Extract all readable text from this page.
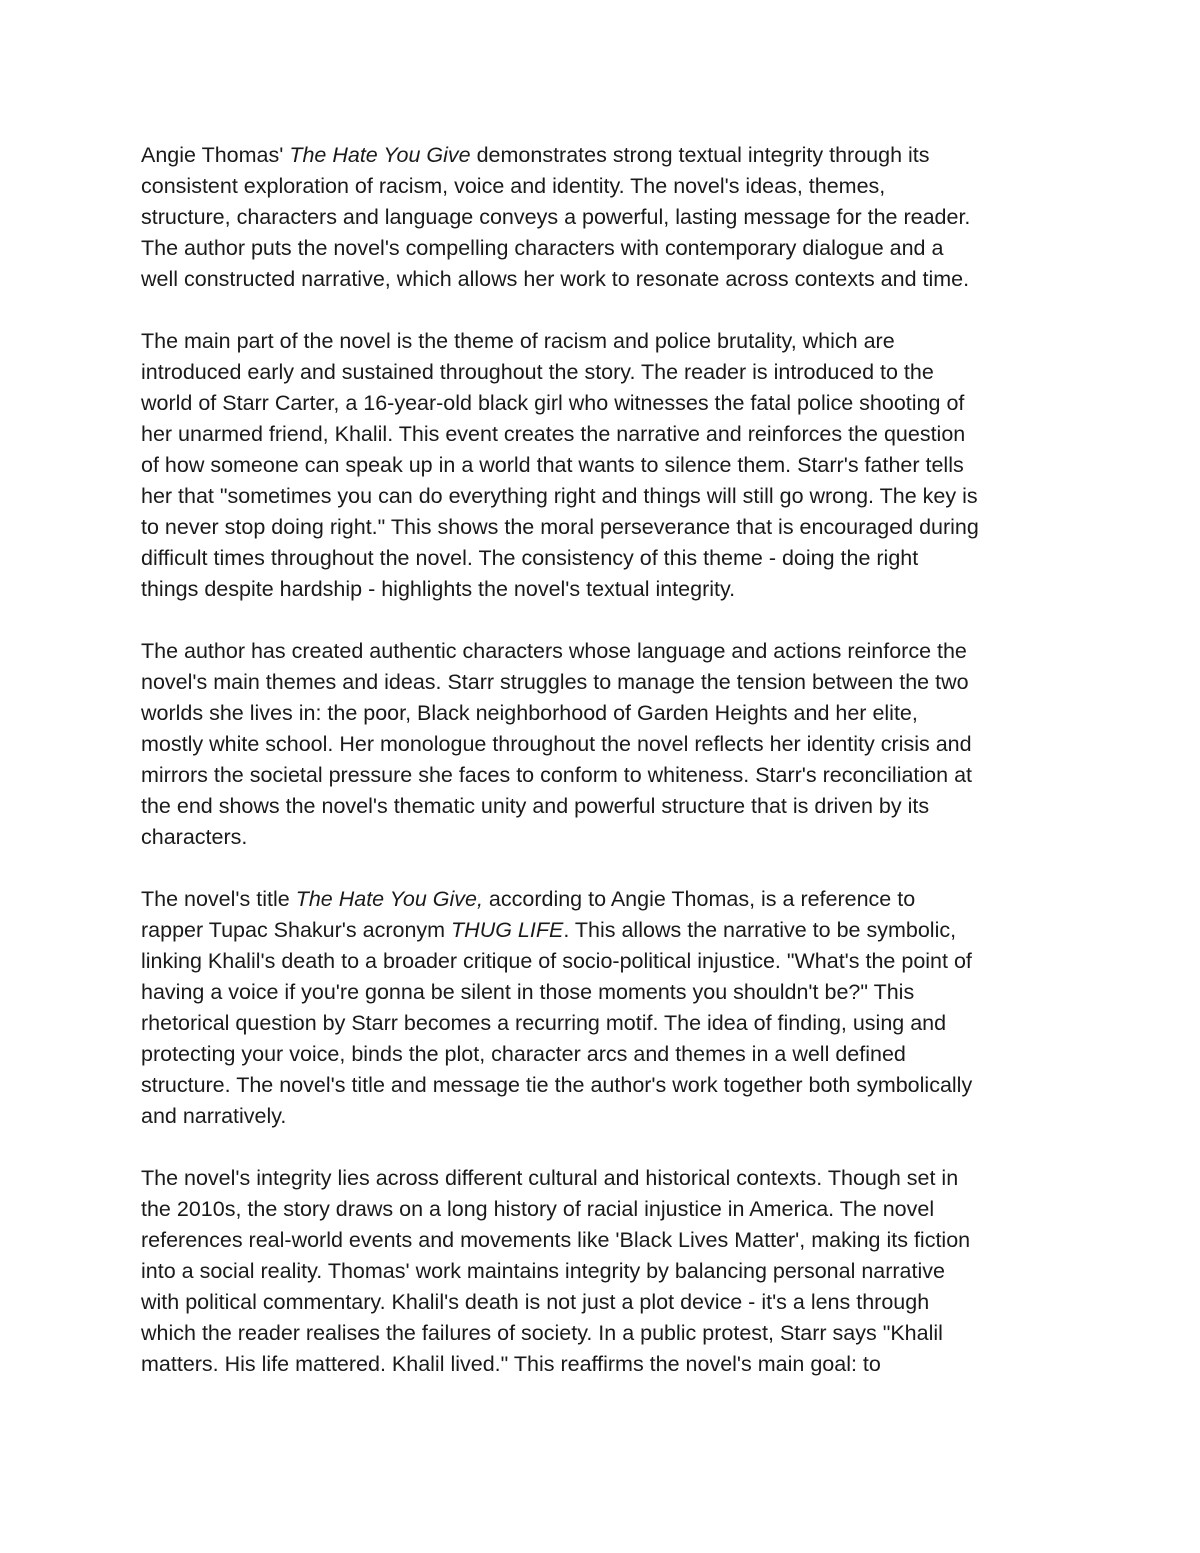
Angie Thomas' The Hate You Give demonstrates strong textual integrity through its
consistent exploration of racism, voice and identity. The novel's ideas, themes,
structure, characters and language conveys a powerful, lasting message for the reader.
The author puts the novel's compelling characters with contemporary dialogue and a
well constructed narrative, which allows her work to resonate across contexts and time.
The main part of the novel is the theme of racism and police brutality, which are
introduced early and sustained throughout the story. The reader is introduced to the
world of Starr Carter, a 16-year-old black girl who witnesses the fatal police shooting of
her unarmed friend, Khalil. This event creates the narrative and reinforces the question
of how someone can speak up in a world that wants to silence them. Starr's father tells
her that "sometimes you can do everything right and things will still go wrong. The key is
to never stop doing right." This shows the moral perseverance that is encouraged during
difficult times throughout the novel. The consistency of this theme - doing the right
things despite hardship - highlights the novel's textual integrity.
The author has created authentic characters whose language and actions reinforce the
novel's main themes and ideas. Starr struggles to manage the tension between the two
worlds she lives in: the poor, Black neighborhood of Garden Heights and her elite,
mostly white school. Her monologue throughout the novel reflects her identity crisis and
mirrors the societal pressure she faces to conform to whiteness. Starr's reconciliation at
the end shows the novel's thematic unity and powerful structure that is driven by its
characters.
The novel's title The Hate You Give, according to Angie Thomas, is a reference to
rapper Tupac Shakur's acronym THUG LIFE. This allows the narrative to be symbolic,
linking Khalil's death to a broader critique of socio-political injustice. "What's the point of
having a voice if you're gonna be silent in those moments you shouldn't be?" This
rhetorical question by Starr becomes a recurring motif. The idea of finding, using and
protecting your voice, binds the plot, character arcs and themes in a well defined
structure. The novel's title and message tie the author's work together both symbolically
and narratively.
The novel's integrity lies across different cultural and historical contexts. Though set in
the 2010s, the story draws on a long history of racial injustice in America. The novel
references real-world events and movements like 'Black Lives Matter', making its fiction
into a social reality. Thomas' work maintains integrity by balancing personal narrative
with political commentary. Khalil's death is not just a plot device - it's a lens through
which the reader realises the failures of society. In a public protest, Starr says "Khalil
matters. His life mattered. Khalil lived." This reaffirms the novel's main goal: to
